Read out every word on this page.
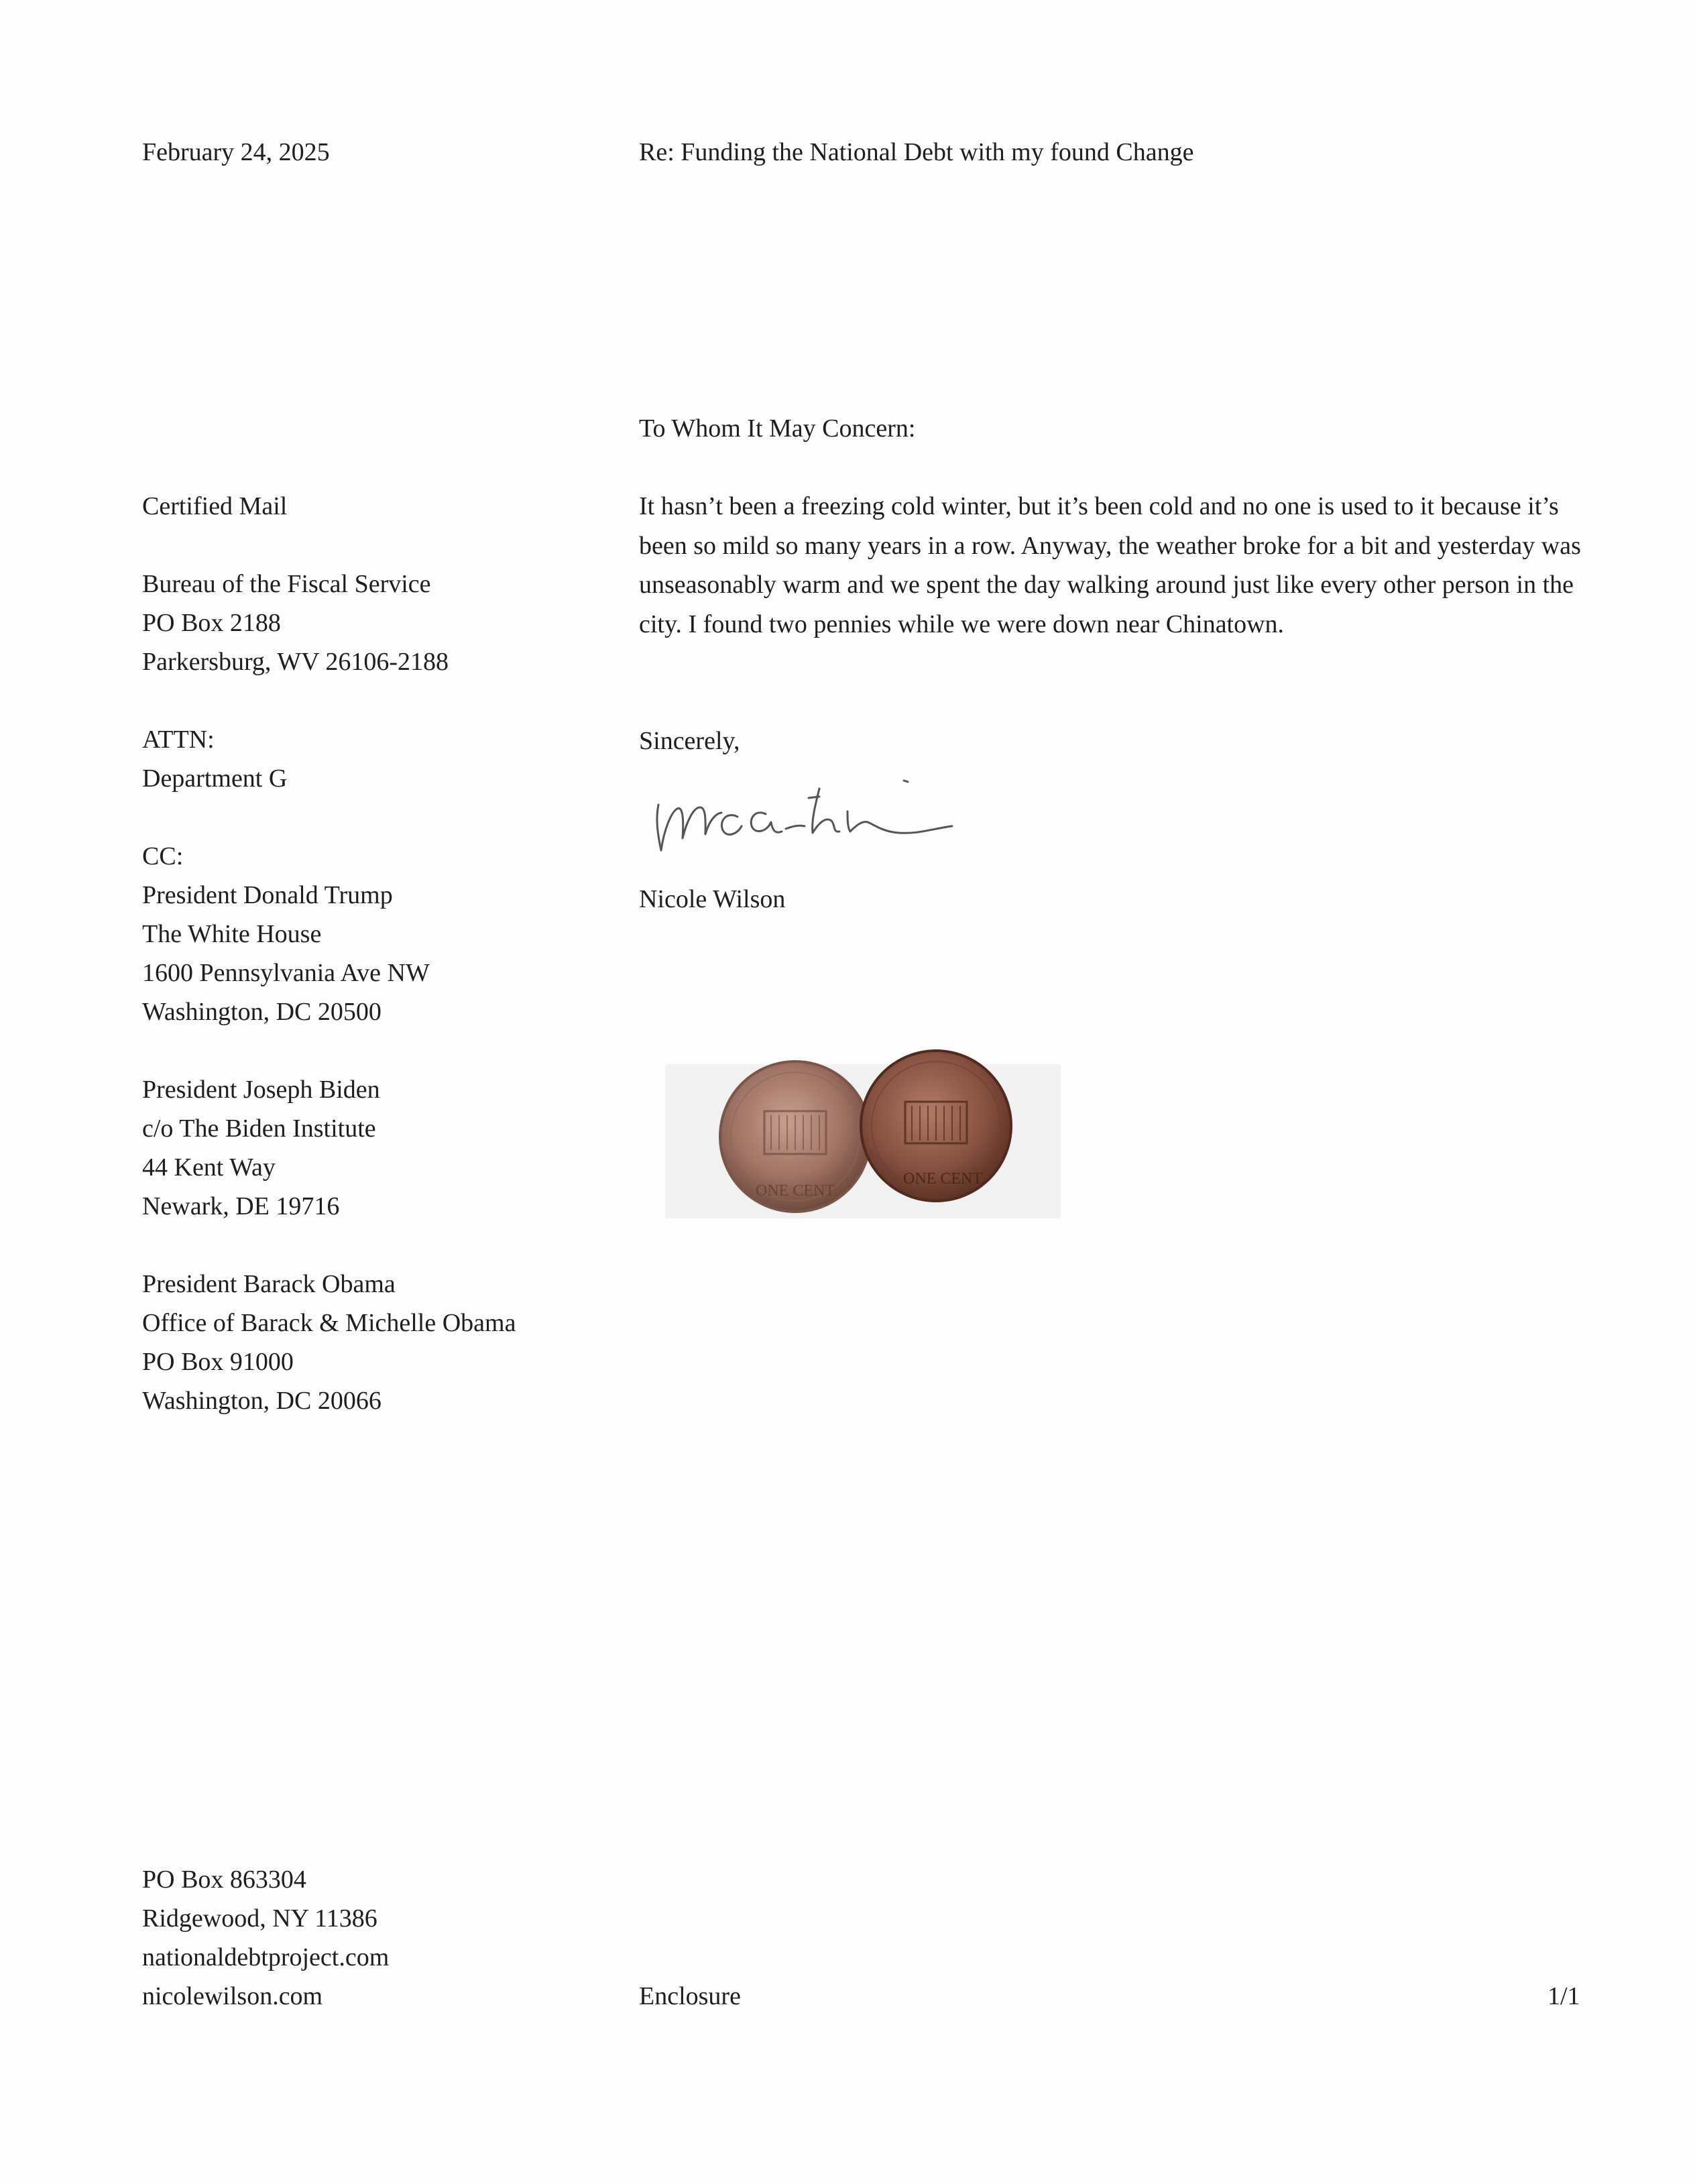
February 24, 2025	Re: Funding the National Debt with my found Change
To Whom It May Concern:
Certified Mail
Bureau of the Fiscal Service
PO Box 2188
Parkersburg, WV 26106-2188
ATTN:
Department G
CC:
President Donald Trump
The White House
1600 Pennsylvania Ave NW
Washington, DC 20500
President Joseph Biden
c/o The Biden Institute
44 Kent Way
Newark, DE 19716
President Barack Obama
Office of Barack & Michelle Obama
PO Box 91000
Washington, DC 20066
It hasn’t been a freezing cold winter, but it’s been cold and no one is used to it because it’s been so mild so many years in a row. Anyway, the weather broke for a bit and yesterday was unseasonably warm and we spent the day walking around just like every other person in the city. I found two pennies while we were down near Chinatown.
Sincerely,
Nicole Wilson
ONE CENT
ONE CENT
PO Box 863304
Ridgewood, NY 11386
nationaldebtproject.com
nicolewilson.com	Enclosure	1/1
